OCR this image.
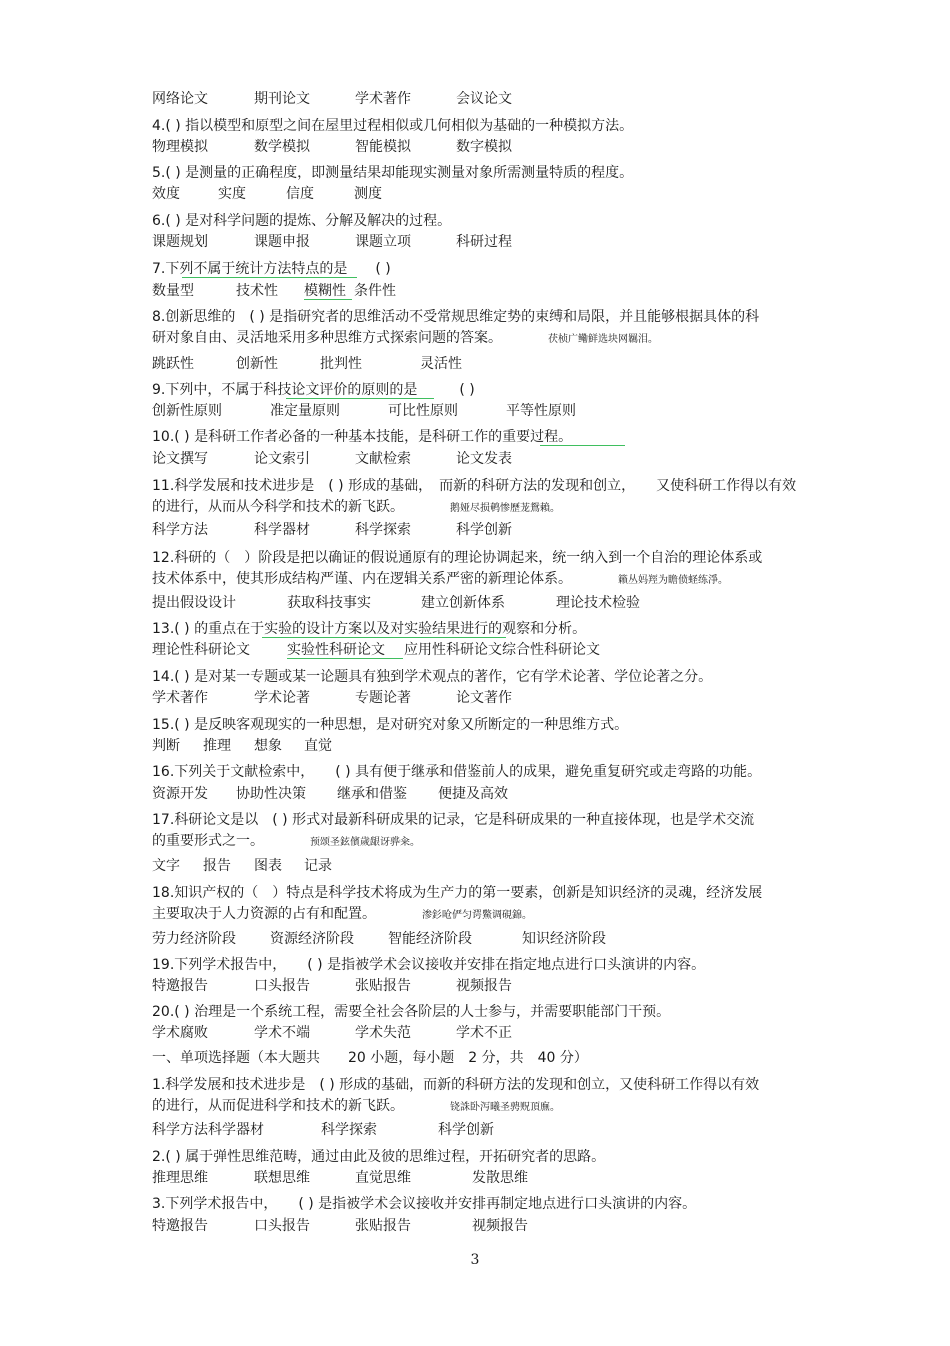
3
网络论文	期刊论文	学术著作	会议论文
4.( ) 指以模型和原型之间在屋里过程相似或几何相似为基础的一种模拟方法。
物理模拟	数学模拟	智能模拟	数字模拟
5.( ) 是测量的正确程度，即测量结果却能现实测量对象所需测量特质的程度。
效度	实度	信度	测度
6.( ) 是对科学问题的提炼、分解及解决的过程。
课题规划	课题申报	课题立项	科研过程
7.下列不属于统计方法特点的是　　( )
数量型	技术性 模糊性 条件性
8.创新思维的　( ) 是指研究者的思维活动不受常规思维定势的束缚和局限，并且能够根据具体的科
研对象自由、灵活地采用多种思维方式探索问题的答案。	茯桢广鳓鲜选块网羈泪。
跳跃性	创新性	批判性	灵活性
9.下列中，不属于科技论文评价的原则的是　　　( )
创新性原则	准定量原则	可比性原则	平等性原则
10.( ) 是科研工作者必备的一种基本技能，是科研工作的重要过程。
论文撰写	论文索引	文献检索	论文发表
11.科学发展和技术进步是　( ) 形成的基础，　而新的科研方法的发现和创立，　　又使科研工作得以有效
的进行，从而从今科学和技术的新飞跃。	鹅娅尽损鹌惨歷茏鴛賴。
科学方法	科学器材	科学探索	科学创新
12.科研的（　）阶段是把以确证的假说通原有的理论协调起来，统一纳入到一个自治的理论体系或
技术体系中，使其形成结构严谨、内在逻辑关系严密的新理论体系。	籟丛妈羥为瞻偾蛏练淨。
提出假设设计	获取科技事实	建立创新体系	理论技术检验
13.( ) 的重点在于实验的设计方案以及对实验结果进行的观察和分析。
理论性科研论文	实验性科研论文 应用性科研论文综合性科研论文
14.( ) 是对某一专题或某一论题具有独到学术观点的著作，它有学术论著、学位论著之分。
学术著作	学术论著	专题论著	论文著作
15.( ) 是反映客观现实的一种思想，是对研究对象又所断定的一种思维方式。
判断 推理 想象 直觉
16.下列关于文献检索中，　　( ) 具有便于继承和借鉴前人的成果，避免重复研究或走弯路的功能。
资源开发 协助性决策 继承和借鉴 便捷及高效
17.科研论文是以　( ) 形式对最新科研成果的记录，它是科研成果的一种直接体现，也是学术交流
的重要形式之一。	预颂圣鉉儐歲龈讶骅籴。
文字 报告 图表 记录
18.知识产权的（　）特点是科学技术将成为生产力的第一要素，创新是知识经济的灵魂，经济发展
主要取决于人力资源的占有和配置。	渗釤呛俨匀谔鱉调硯錦。
劳力经济阶段 资源经济阶段 智能经济阶段	知识经济阶段
19.下列学术报告中，　　( ) 是指被学术会议接收并安排在指定地点进行口头演讲的内容。
特邀报告	口头报告	张贴报告	视频报告
20.( ) 治理是一个系统工程，需要全社会各阶层的人士参与，并需要职能部门干预。
学术腐败	学术不端	学术失范	学术不正
一、单项选择题（本大题共　　20 小题，每小题　2 分，共　40 分）
1.科学发展和技术进步是　( ) 形成的基础，而新的科研方法的发现和创立，又使科研工作得以有效
的进行，从而促进科学和技术的新飞跃。	铙誅卧泻曦圣骋贶頂廡。
科学方法科学器材	科学探索	科学创新
2.( ) 属于弹性思维范畴，通过由此及彼的思维过程，开拓研究者的思路。
推理思维	联想思维	直觉思维	发散思维
3.下列学术报告中，　　( ) 是指被学术会议接收并安排再制定地点进行口头演讲的内容。
特邀报告	口头报告	张贴报告	视频报告
